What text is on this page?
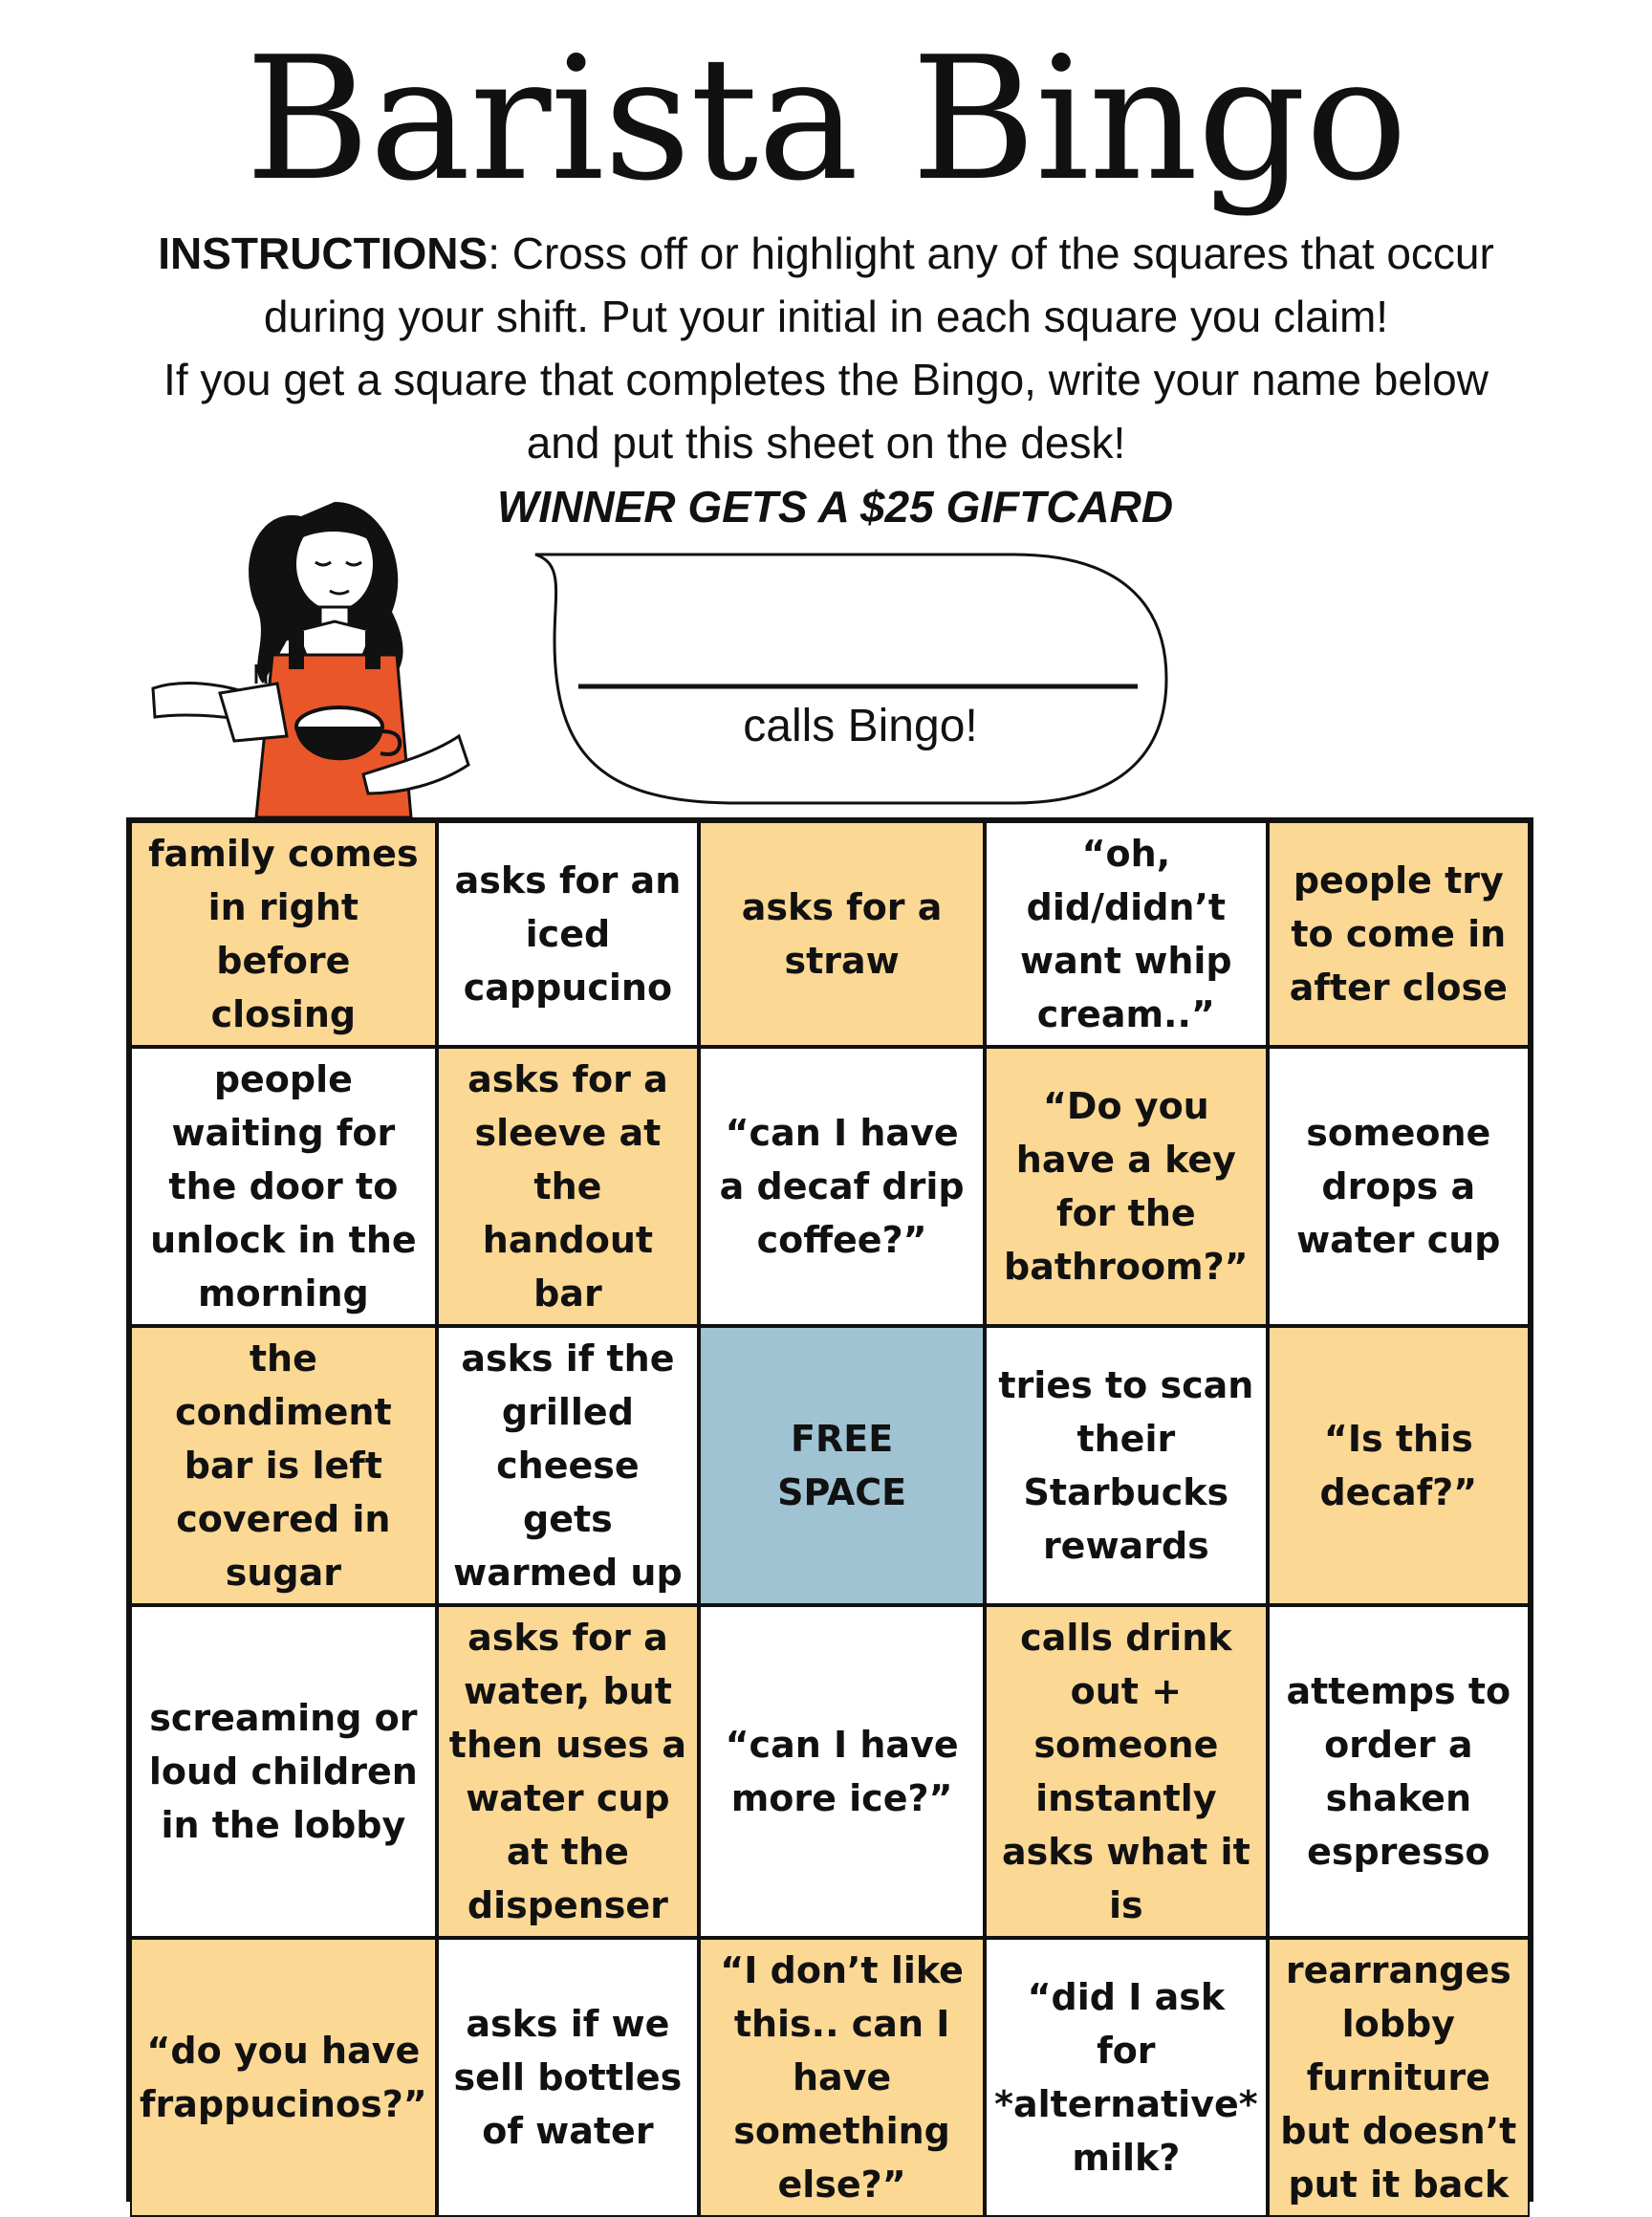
Barista Bingo
INSTRUCTIONS: Cross off or highlight any of the squares that occur
during your shift. Put your initial in each square you claim!
If you get a square that completes the Bingo, write your name below
and put this sheet on the desk!
WINNER GETS A $25 GIFTCARD
calls Bingo!
family comes in right before closing
asks for an iced cappucino
asks for a straw
“oh, did/didn’t want whip cream..”
people try to come in after close
people waiting for the door to unlock in the morning
asks for a sleeve at the handout bar
“can I have a decaf drip coffee?”
“Do you have a key for the bathroom?”
someone drops a water cup
the condiment bar is left covered in sugar
asks if the grilled cheese gets warmed up
FREE SPACE
tries to scan their Starbucks rewards
“Is this decaf?”
screaming or loud children in the lobby
asks for a water, but then uses a water cup at the dispenser
“can I have more ice?”
calls drink out + someone instantly asks what it is
attemps to order a shaken espresso
“do you have frappucinos?”
asks if we sell bottles of water
“I don’t like this.. can I have something else?”
“did I ask for *alternative* milk?
rearranges lobby furniture but doesn’t put it back
